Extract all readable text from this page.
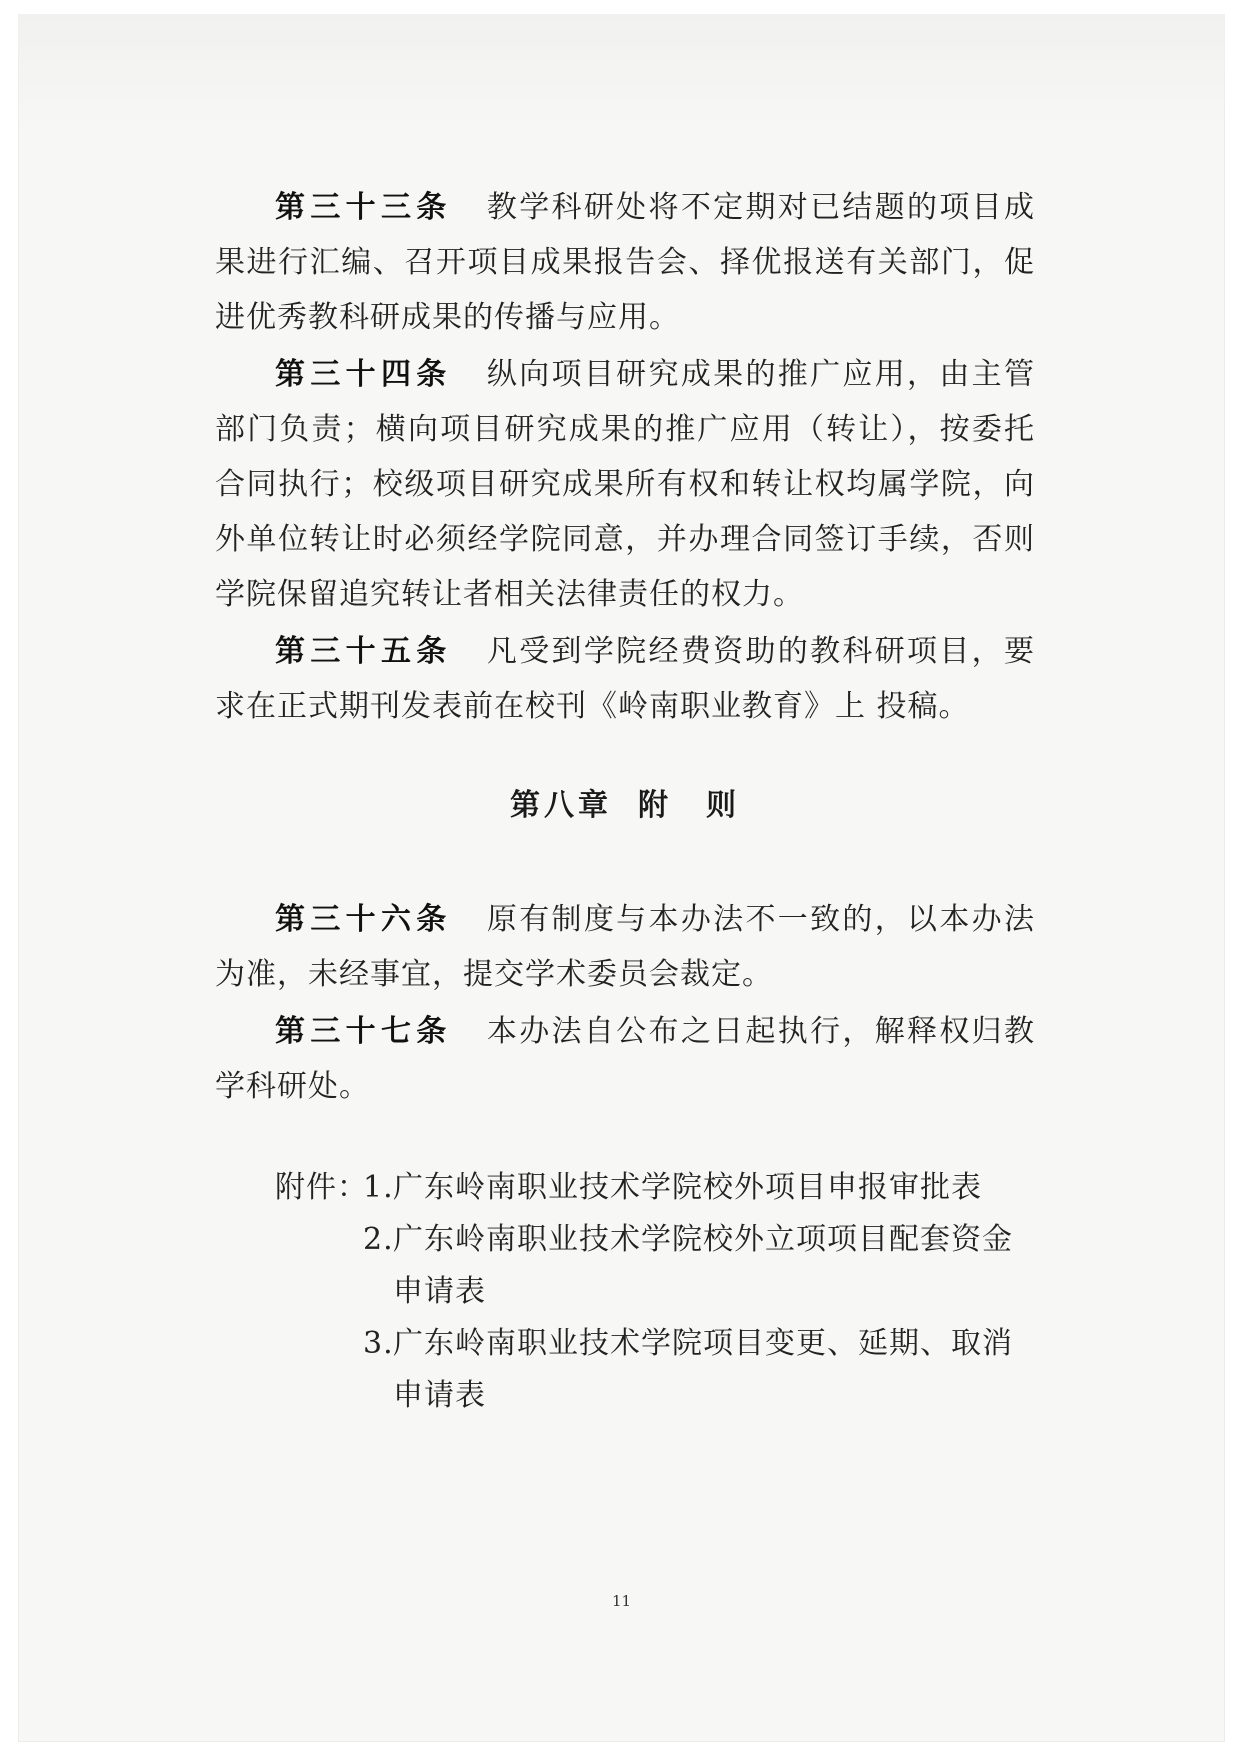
第三十三条 教学科研处将不定期对已结题的项目成果进行汇编、召开项目成果报告会、择优报送有关部门，促进优秀教科研成果的传播与应用。

第三十四条 纵向项目研究成果的推广应用，由主管部门负责；横向项目研究成果的推广应用（转让），按委托合同执行；校级项目研究成果所有权和转让权均属学院，向外单位转让时必须经学院同意，并办理合同签订手续，否则学院保留追究转让者相关法律责任的权力。

第三十五条 凡受到学院经费资助的教科研项目，要求在正式期刊发表前在校刊《岭南职业教育》上 投稿。

第八章 附　则

第三十六条 原有制度与本办法不一致的，以本办法为准，未经事宜，提交学术委员会裁定。

第三十七条 本办法自公布之日起执行，解释权归教学科研处。

附件：
1. 广东岭南职业技术学院校外项目申报审批表
2. 广东岭南职业技术学院校外立项项目配套资金申请表
3. 广东岭南职业技术学院项目变更、延期、取消申请表
11
